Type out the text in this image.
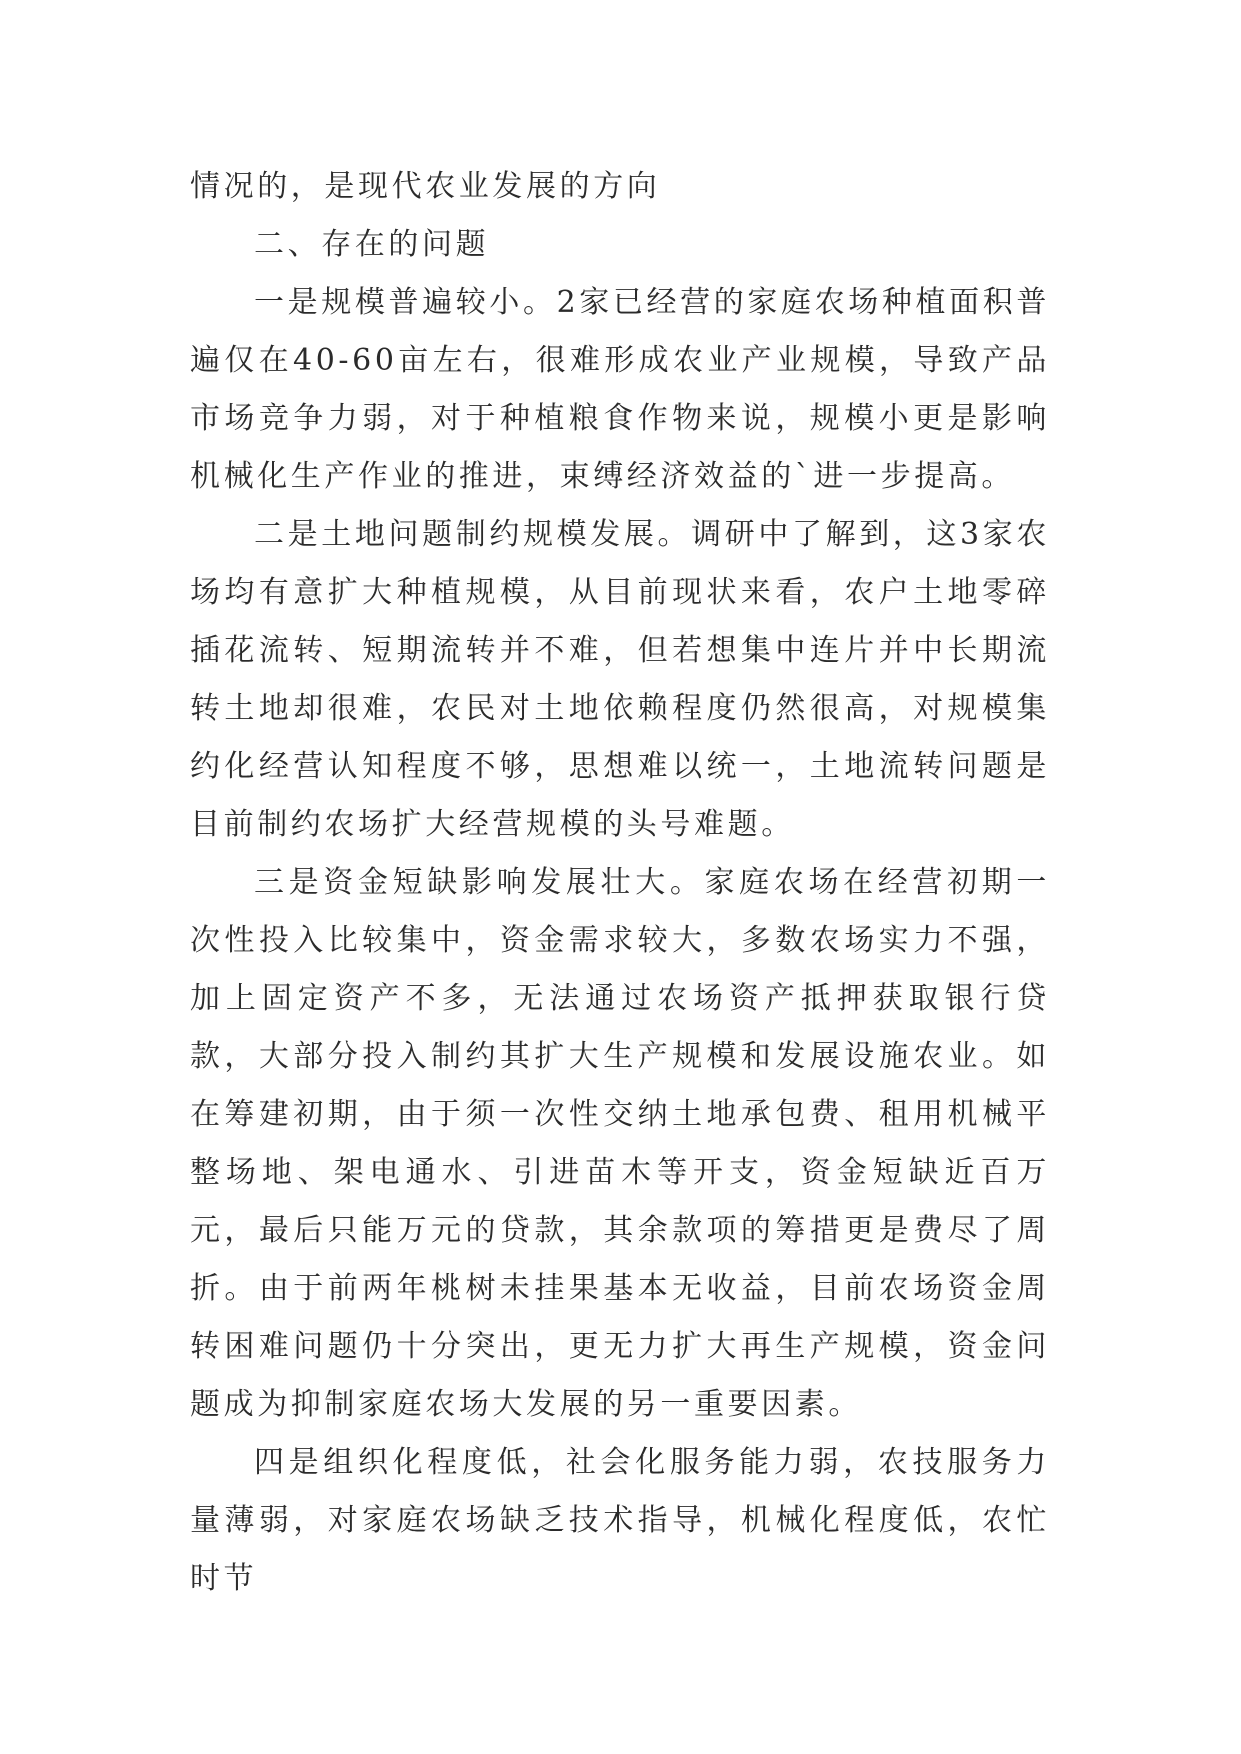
情况的，是现代农业发展的方向

二、存在的问题

一是规模普遍较小。2家已经营的家庭农场种植面积普遍仅在40-60亩左右，很难形成农业产业规模，导致产品市场竞争力弱，对于种植粮食作物来说，规模小更是影响机械化生产作业的推进，束缚经济效益的`进一步提高。

二是土地问题制约规模发展。调研中了解到，这3家农场均有意扩大种植规模，从目前现状来看，农户土地零碎插花流转、短期流转并不难，但若想集中连片并中长期流转土地却很难，农民对土地依赖程度仍然很高，对规模集约化经营认知程度不够，思想难以统一，土地流转问题是目前制约农场扩大经营规模的头号难题。

三是资金短缺影响发展壮大。家庭农场在经营初期一次性投入比较集中，资金需求较大，多数农场实力不强，加上固定资产不多，无法通过农场资产抵押获取银行贷款，大部分投入制约其扩大生产规模和发展设施农业。如在筹建初期，由于须一次性交纳土地承包费、租用机械平整场地、架电通水、引进苗木等开支，资金短缺近百万元，最后只能万元的贷款，其余款项的筹措更是费尽了周折。由于前两年桃树未挂果基本无收益，目前农场资金周转困难问题仍十分突出，更无力扩大再生产规模，资金问题成为抑制家庭农场大发展的另一重要因素。

四是组织化程度低，社会化服务能力弱，农技服务力量薄弱，对家庭农场缺乏技术指导，机械化程度低，农忙时节
